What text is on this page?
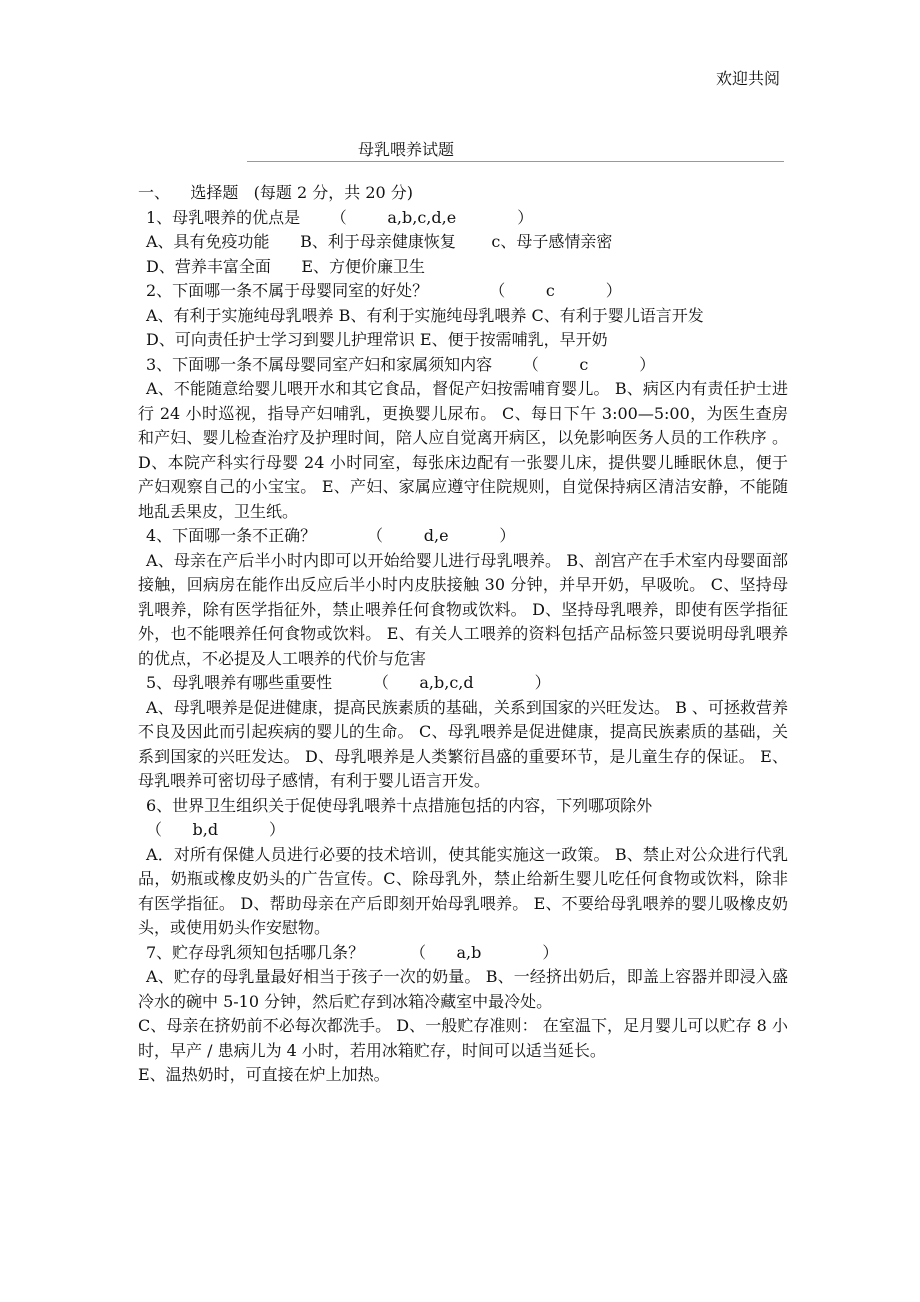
欢迎共阅
母乳喂养试题
一、 选择题 (每题 2 分，共 20 分)
1、母乳喂养的优点是 （        a,b,c,d,e            ）
A、具有免疫功能      B、利于母亲健康恢复       c、母子感情亲密
D、营养丰富全面      E、方便价廉卫生
2、下面哪一条不属于母婴同室的好处？	（        c          ）
A、有利于实施纯母乳喂养 B、有利于实施纯母乳喂养 C、有利于婴儿语言开发
D、可向责任护士学习到婴儿护理常识 E、便于按需哺乳，早开奶
3、下面哪一条不属母婴同室产妇和家属须知内容 （        c          ）
A、不能随意给婴儿喂开水和其它食品，督促产妇按需哺育婴儿。 B、病区内有责任护士进行 24 小时巡视，指导产妇哺乳，更换婴儿尿布。 C、每日下午 3:00—5:00，为医生查房和产妇、婴儿检查治疗及护理时间，陪人应自觉离开病区，以免影响医务人员的工作秩序 。 D、本院产科实行母婴 24 小时同室，每张床边配有一张婴儿床，提供婴儿睡眠休息，便于产妇观察自己的小宝宝。 E、产妇、家属应遵守住院规则，自觉保持病区清洁安静，不能随地乱丢果皮，卫生纸。
4、下面哪一条不正确？	（        d,e          ）
A、母亲在产后半小时内即可以开始给婴儿进行母乳喂养。 B、剖宫产在手术室内母婴面部接触，回病房在能作出反应后半小时内皮肤接触 30 分钟，并早开奶，早吸吮。 C、坚持母乳喂养，除有医学指征外，禁止喂养任何食物或饮料。 D、坚持母乳喂养，即使有医学指征外，也不能喂养任何食物或饮料。 E、有关人工喂养的资料包括产品标签只要说明母乳喂养的优点，不必提及人工喂养的代价与危害
5、母乳喂养有哪些重要性	（      a,b,c,d            ）
A、母乳喂养是促进健康，提高民族素质的基础，关系到国家的兴旺发达。 B 、可拯救营养不良及因此而引起疾病的婴儿的生命。 C、母乳喂养是促进健康，提高民族素质的基础，关系到国家的兴旺发达。 D、母乳喂养是人类繁衍昌盛的重要环节，是儿童生存的保证。 E、母乳喂养可密切母子感情，有利于婴儿语言开发。
6、世界卫生组织关于促使母乳喂养十点措施包括的内容，下列哪项除外
（      b,d          ）
A．对所有保健人员进行必要的技术培训，使其能实施这一政策。 B、禁止对公众进行代乳品，奶瓶或橡皮奶头的广告宣传。C、除母乳外，禁止给新生婴儿吃任何食物或饮料，除非有医学指征。 D、帮助母亲在产后即刻开始母乳喂养。 E、不要给母乳喂养的婴儿吸橡皮奶头，或使用奶头作安慰物。
7、贮存母乳须知包括哪几条？	（      a,b            ）
A、贮存的母乳量最好相当于孩子一次的奶量。 B、一经挤出奶后，即盖上容器并即浸入盛冷水的碗中 5-10 分钟，然后贮存到冰箱冷藏室中最冷处。
C、母亲在挤奶前不必每次都洗手。 D、一般贮存准则： 在室温下，足月婴儿可以贮存 8 小时，早产 / 患病儿为 4 小时，若用冰箱贮存，时间可以适当延长。
E、温热奶时，可直接在炉上加热。
